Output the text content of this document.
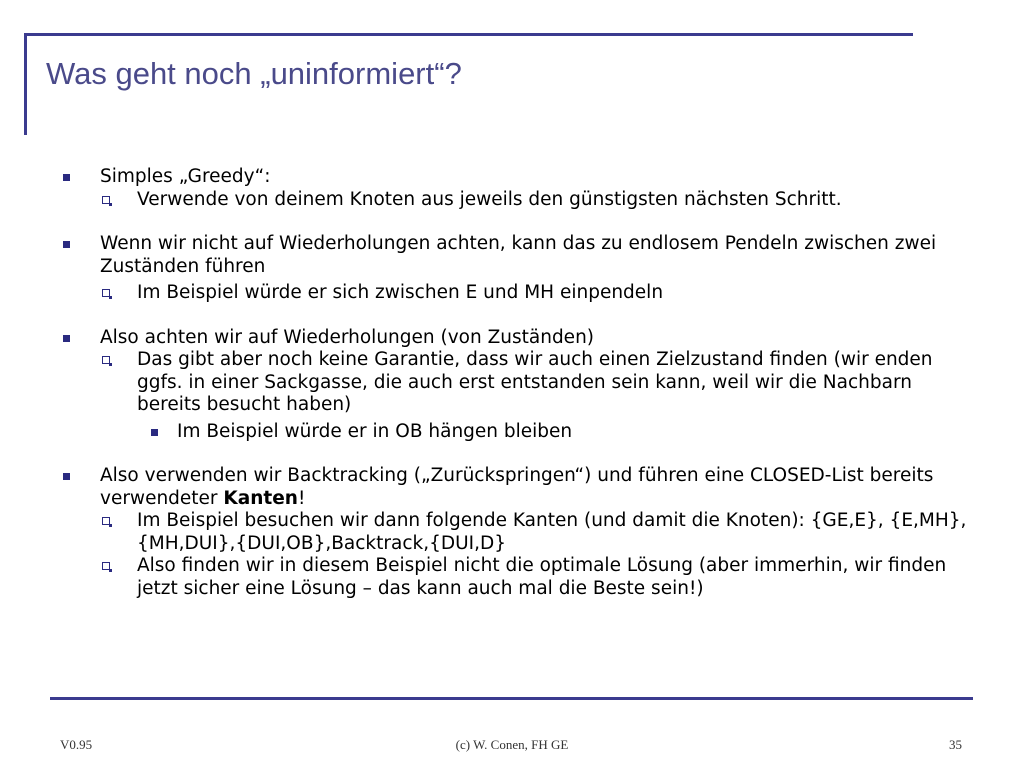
Was geht noch „uninformiert“?
Simples „Greedy“:
Verwende von deinem Knoten aus jeweils den günstigsten nächsten Schritt.
Wenn wir nicht auf Wiederholungen achten, kann das zu endlosem Pendeln zwischen zwei Zuständen führen
Im Beispiel würde er sich zwischen E und MH einpendeln
Also achten wir auf Wiederholungen (von Zuständen)
Das gibt aber noch keine Garantie, dass wir auch einen Zielzustand finden (wir enden ggfs. in einer Sackgasse, die auch erst entstanden sein kann, weil wir die Nachbarn bereits besucht haben)
Im Beispiel würde er in OB hängen bleiben
Also verwenden wir Backtracking („Zurückspringen“) und führen eine CLOSED-List bereits verwendeter Kanten!
Im Beispiel besuchen wir dann folgende Kanten (und damit die Knoten): {GE,E}, {E,MH},{MH,DUI},{DUI,OB},Backtrack,{DUI,D}
Also finden wir in diesem Beispiel nicht die optimale Lösung (aber immerhin, wir finden jetzt sicher eine Lösung – das kann auch mal die Beste sein!)
V0.95	(c) W. Conen, FH GE	35
